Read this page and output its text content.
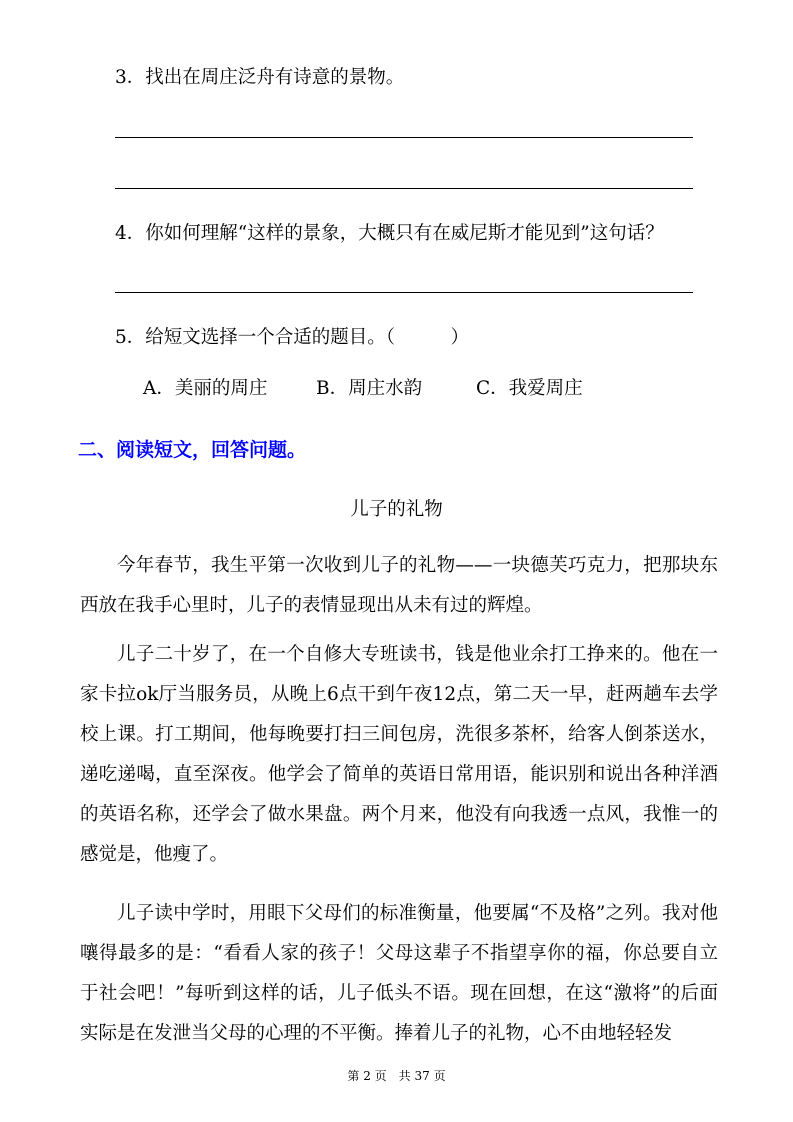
3．找出在周庄泛舟有诗意的景物。
4．你如何理解“这样的景象，大概只有在威尼斯才能见到”这句话？
5．给短文选择一个合适的题目。（　　　）
A．美丽的周庄	B．周庄水韵	C．我爱周庄
二、阅读短文，回答问题。
儿子的礼物
今年春节，我生平第一次收到儿子的礼物——一块德芙巧克力，把那块东西放在我手心里时，儿子的表情显现出从未有过的辉煌。
儿子二十岁了，在一个自修大专班读书，钱是他业余打工挣来的。他在一家卡拉ok厅当服务员，从晚上6点干到午夜12点，第二天一早，赶两趟车去学校上课。打工期间，他每晚要打扫三间包房，洗很多茶杯，给客人倒茶送水，递吃递喝，直至深夜。他学会了简单的英语日常用语，能识别和说出各种洋酒的英语名称，还学会了做水果盘。两个月来，他没有向我透一点风，我惟一的感觉是，他瘦了。
儿子读中学时，用眼下父母们的标准衡量，他要属“不及格”之列。我对他嚷得最多的是：“看看人家的孩子！父母这辈子不指望享你的福，你总要自立于社会吧！”每听到这样的话，儿子低头不语。现在回想，在这“激将”的后面实际是在发泄当父母的心理的不平衡。捧着儿子的礼物，心不由地轻轻发
第 2 页　共 37 页
